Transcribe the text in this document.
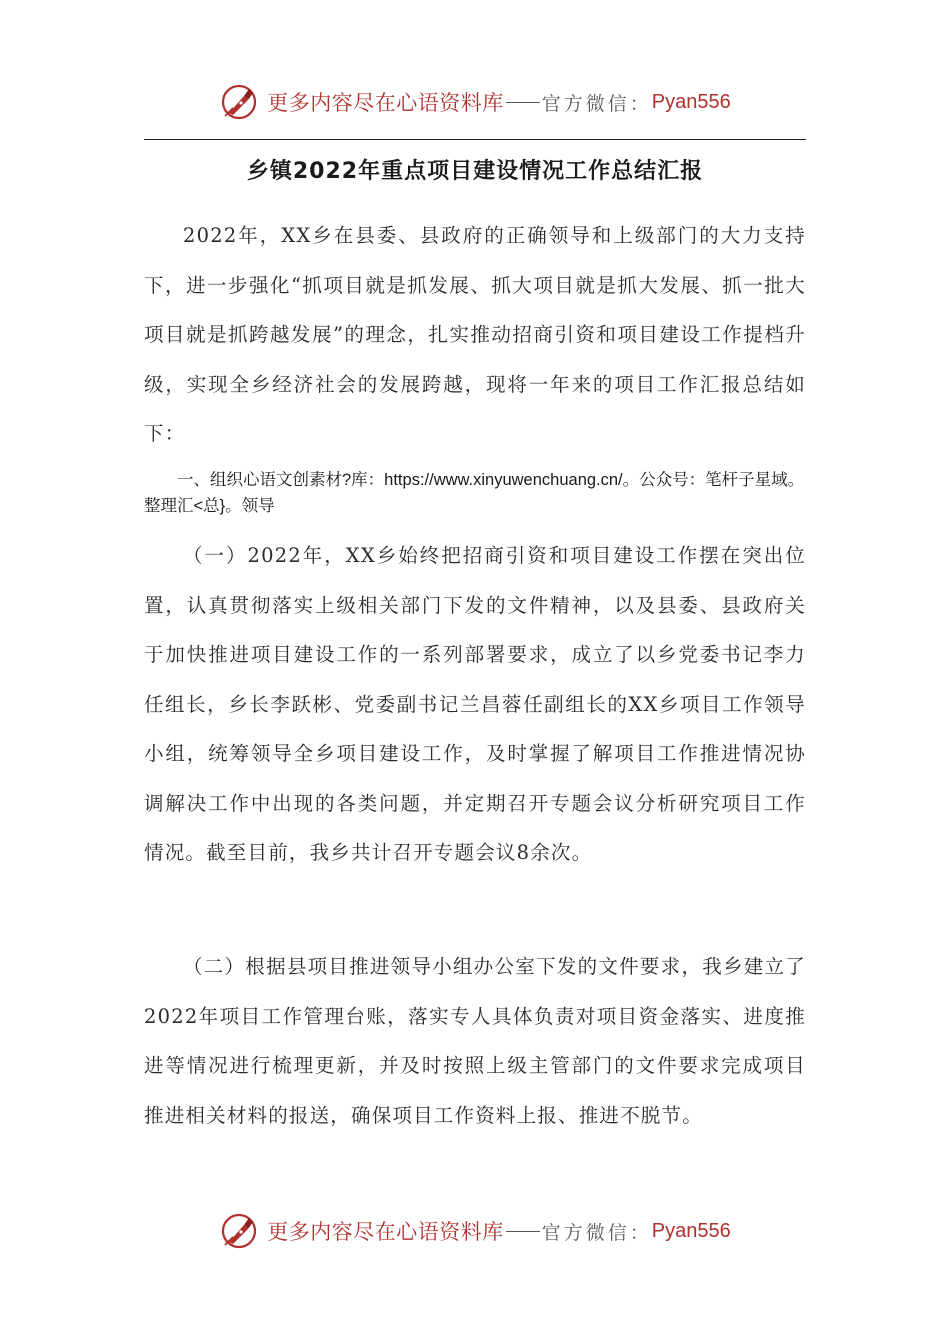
更多内容尽在心语资料库 官方微信： Pyan556
乡镇2022年重点项目建设情况工作总结汇报

2022年，XX乡在县委、县政府的正确领导和上级部门的大力支持下，进一步强化“抓项目就是抓发展、抓大项目就是抓大发展、抓一批大项目就是抓跨越发展”的理念，扎实推动招商引资和项目建设工作提档升级，实现全乡经济社会的发展跨越，现将一年来的项目工作汇报总结如下：

一、组织心语文创素材?库：https://www.xinyuwenchuang.cn/。公众号：笔杆子星域。整理汇<总}。领导

（一）2022年，XX乡始终把招商引资和项目建设工作摆在突出位置，认真贯彻落实上级相关部门下发的文件精神，以及县委、县政府关于加快推进项目建设工作的一系列部署要求，成立了以乡党委书记李力任组长，乡长李跃彬、党委副书记兰昌蓉任副组长的XX乡项目工作领导小组，统筹领导全乡项目建设工作，及时掌握了解项目工作推进情况协调解决工作中出现的各类问题，并定期召开专题会议分析研究项目工作情况。截至目前，我乡共计召开专题会议8余次。

（二）根据县项目推进领导小组办公室下发的文件要求，我乡建立了2022年项目工作管理台账，落实专人具体负责对项目资金落实、进度推进等情况进行梳理更新，并及时按照上级主管部门的文件要求完成项目推进相关材料的报送，确保项目工作资料上报、推进不脱节。

更多内容尽在心语资料库 官方微信： Pyan556
